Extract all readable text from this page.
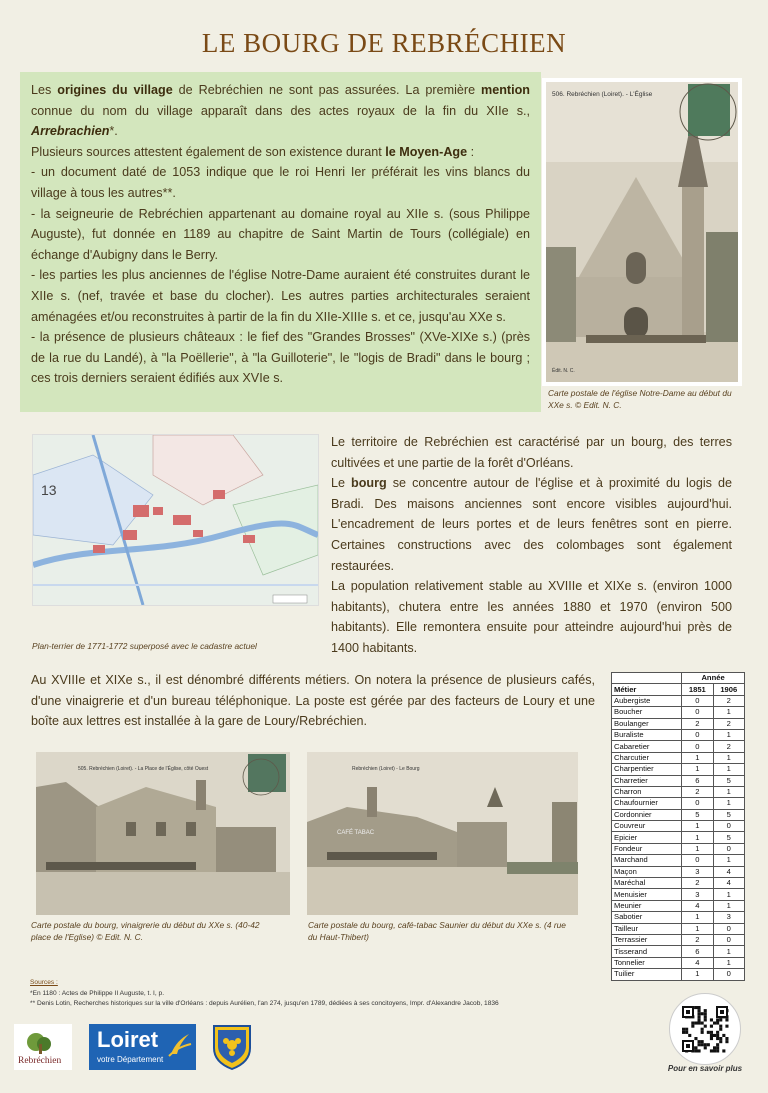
LE BOURG DE REBRÉCHIEN

Les origines du village de Rebréchien ne sont pas assurées. La première mention connue du nom du village apparaît dans des actes royaux de la fin du XIIe s., Arrebrachien*.

Plusieurs sources attestent également de son existence durant le Moyen-Age :

- un document daté de 1053 indique que le roi Henri Ier préférait les vins blancs du village à tous les autres**.

- la seigneurie de Rebréchien appartenant au domaine royal au XIIe s. (sous Philippe Auguste), fut donnée en 1189 au chapitre de Saint Martin de Tours (collégiale) en échange d'Aubigny dans le Berry.

- les parties les plus anciennes de l'église Notre-Dame auraient été construites durant le XIIe s. (nef, travée et base du clocher). Les autres parties architecturales seraient aménagées et/ou reconstruites à partir de la fin du XIIe-XIIIe s. et ce, jusqu'au XXe s.

- la présence de plusieurs châteaux : le fief des "Grandes Brosses" (XVe-XIXe s.) (près de la rue du Landé), à "la Poëllerie", à "la Guilloterie", le "logis de Bradi" dans le bourg ; ces trois derniers seraient édifiés aux XVIe s.

506. Rebréchien (Loiret). - L'Église
Édit. N. C.
Carte postale de l'église Notre-Dame au début du XXe s. © Edit. N. C.
13
Plan-terrier de 1771-1772 superposé avec le cadastre actuel

Le territoire de Rebréchien est caractérisé par un bourg, des terres cultivées et une partie de la forêt d'Orléans.

Le bourg se concentre autour de l'église et à proximité du logis de Bradi. Des maisons anciennes sont encore visibles aujourd'hui. L'encadrement de leurs portes et de leurs fenêtres sont en pierre. Certaines constructions avec des colombages sont également restaurées.

La population relativement stable au XVIIIe et XIXe s. (environ 1000 habitants), chutera entre les années 1880 et 1970 (environ 500 habitants). Elle remontera ensuite pour atteindre aujourd'hui près de 1400 habitants.

Au XVIIIe et XIXe s., il est dénombré différents métiers. On notera la présence de plusieurs cafés, d'une vinaigrerie et d'un bureau téléphonique. La poste est gérée par des facteurs de Loury et une boîte aux lettres est installée à la gare de Loury/Rebréchien.

505. Rebréchien (Loiret). - La Place de l'Église, côté Ouest
Carte postale du bourg, vinaigrerie du début du XXe s. (40-42 place de l'Eglise) © Edit. N. C.
Rebréchien (Loiret) - Le Bourg
CAFÉ TABAC
Carte postale du bourg, café-tabac Saunier du début du XXe s. (4 rue du Haut-Thibert)
	Année	
Métier	1851	1906
Aubergiste	0	2
Boucher	0	1
Boulanger	2	2
Buraliste	0	1
Cabaretier	0	2
Charcutier	1	1
Charpentier	1	1
Charretier	6	5
Charron	2	1
Chaufournier	0	1
Cordonnier	5	5
Couvreur	1	0
Epicier	1	5
Fondeur	1	0
Marchand	0	1
Maçon	3	4
Maréchal	2	4
Menuisier	3	1
Meunier	4	1
Sabotier	1	3
Tailleur	1	0
Terrassier	2	0
Tisserand	6	1
Tonnelier	4	1
Tuilier	1	0
Sources :
*En 1180 : Actes de Philippe II Auguste, t. I, p.
** Denis Lotin, Recherches historiques sur la ville d'Orléans : depuis Aurélien, l'an 274, jusqu'en 1789, dédiées à ses concitoyens, Impr. d'Alexandre Jacob, 1836
Rebréchien
Loiret
votre Département
Pour en savoir plus
